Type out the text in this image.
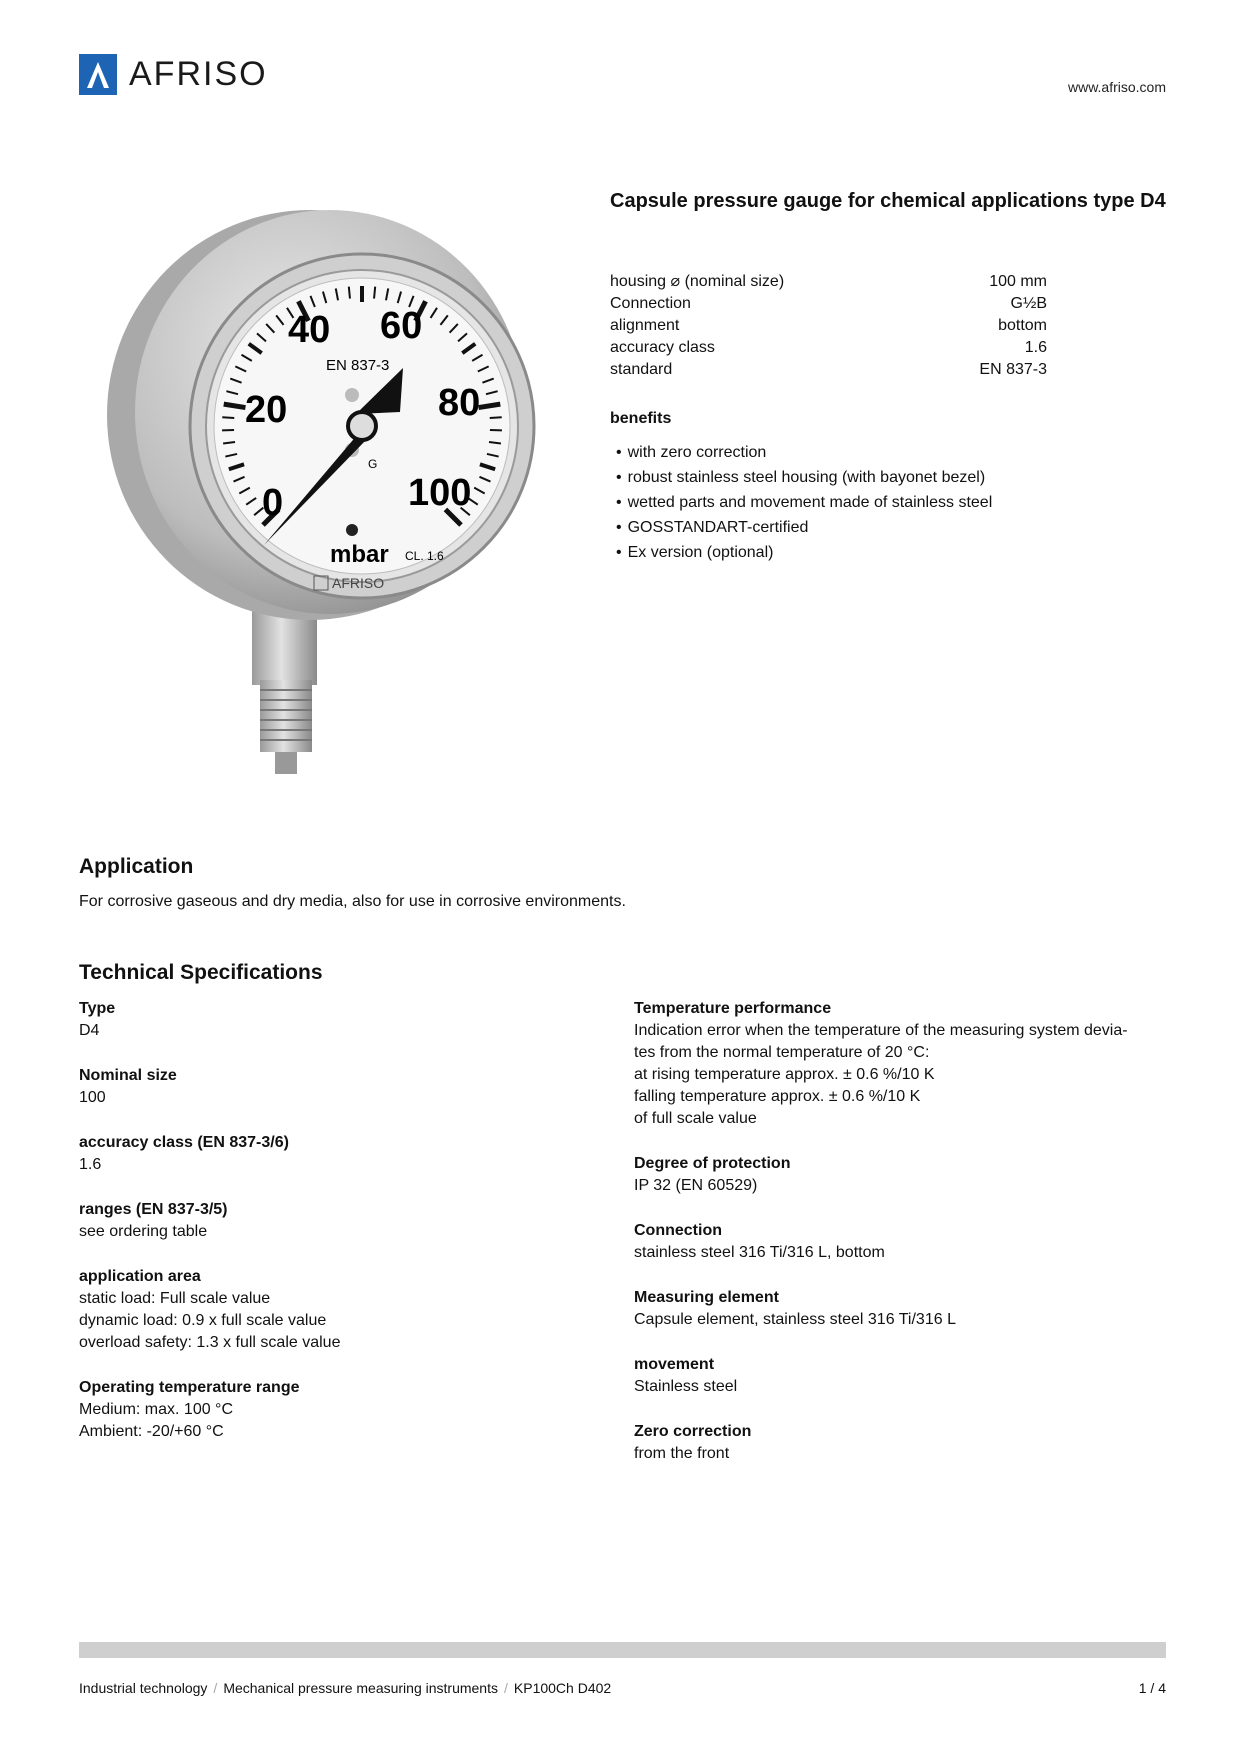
AFRISO	www.afriso.com
0
20
40 60
80
100
EN 837-3
mbar CL. 1.6
G
AFRISO
Capsule pressure gauge for chemical applications type D4
housing ⌀ (nominal size)	100 mm
Connection	G½B
alignment	bottom
accuracy class	1.6
standard	EN 837-3
benefits
• with zero correction
• robust stainless steel housing (with bayonet bezel)
• wetted parts and movement made of stainless steel
• GOSSTANDART-certified
• Ex version (optional)
Application
For corrosive gaseous and dry media, also for use in corrosive environments.
Technical Specifications
Type
D4
Nominal size
100
accuracy class (EN 837-3/6)
1.6
ranges (EN 837-3/5)
see ordering table
application area
static load: Full scale value
dynamic load: 0.9 x full scale value
overload safety: 1.3 x full scale value
Operating temperature range
Medium: max. 100 °C
Ambient: -20/+60 °C
Temperature performance
Indication error when the temperature of the measuring system devia-
tes from the normal temperature of 20 °C:
at rising temperature approx. ± 0.6 %/10 K
falling temperature approx. ± 0.6 %/10 K
of full scale value
Degree of protection
IP 32 (EN 60529)
Connection
stainless steel 316 Ti/316 L, bottom
Measuring element
Capsule element, stainless steel 316 Ti/316 L
movement
Stainless steel
Zero correction
from the front
Industrial technology / Mechanical pressure measuring instruments / KP100Ch D402	1 / 4
